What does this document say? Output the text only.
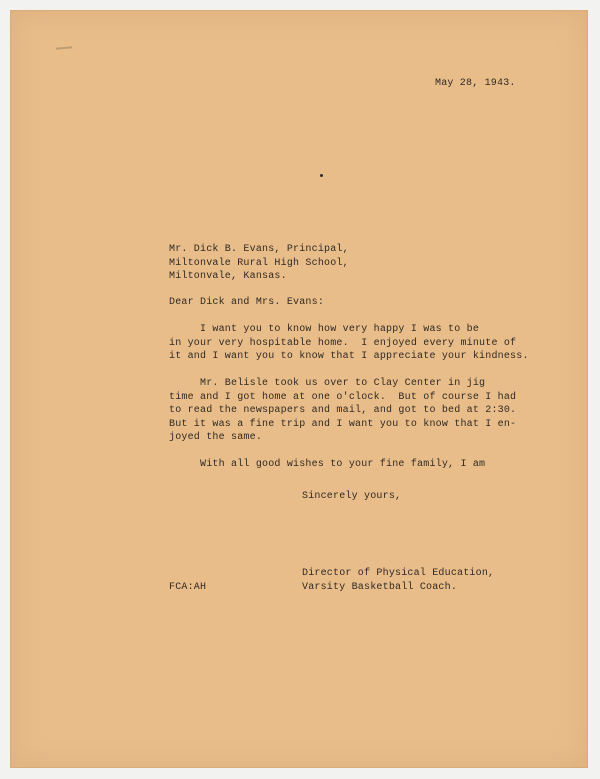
May 28, 1943.
Mr. Dick B. Evans, Principal,
Miltonvale Rural High School,
Miltonvale, Kansas.
Dear Dick and Mrs. Evans:
I want you to know how very happy I was to be
in your very hospitable home.  I enjoyed every minute of
it and I want you to know that I appreciate your kindness.
Mr. Belisle took us over to Clay Center in jig
time and I got home at one o'clock.  But of course I had
to read the newspapers and mail, and got to bed at 2:30.
But it was a fine trip and I want you to know that I en-
joyed the same.
With all good wishes to your fine family, I am
Sincerely yours,
Director of Physical Education,
Varsity Basketball Coach.
FCA:AH
